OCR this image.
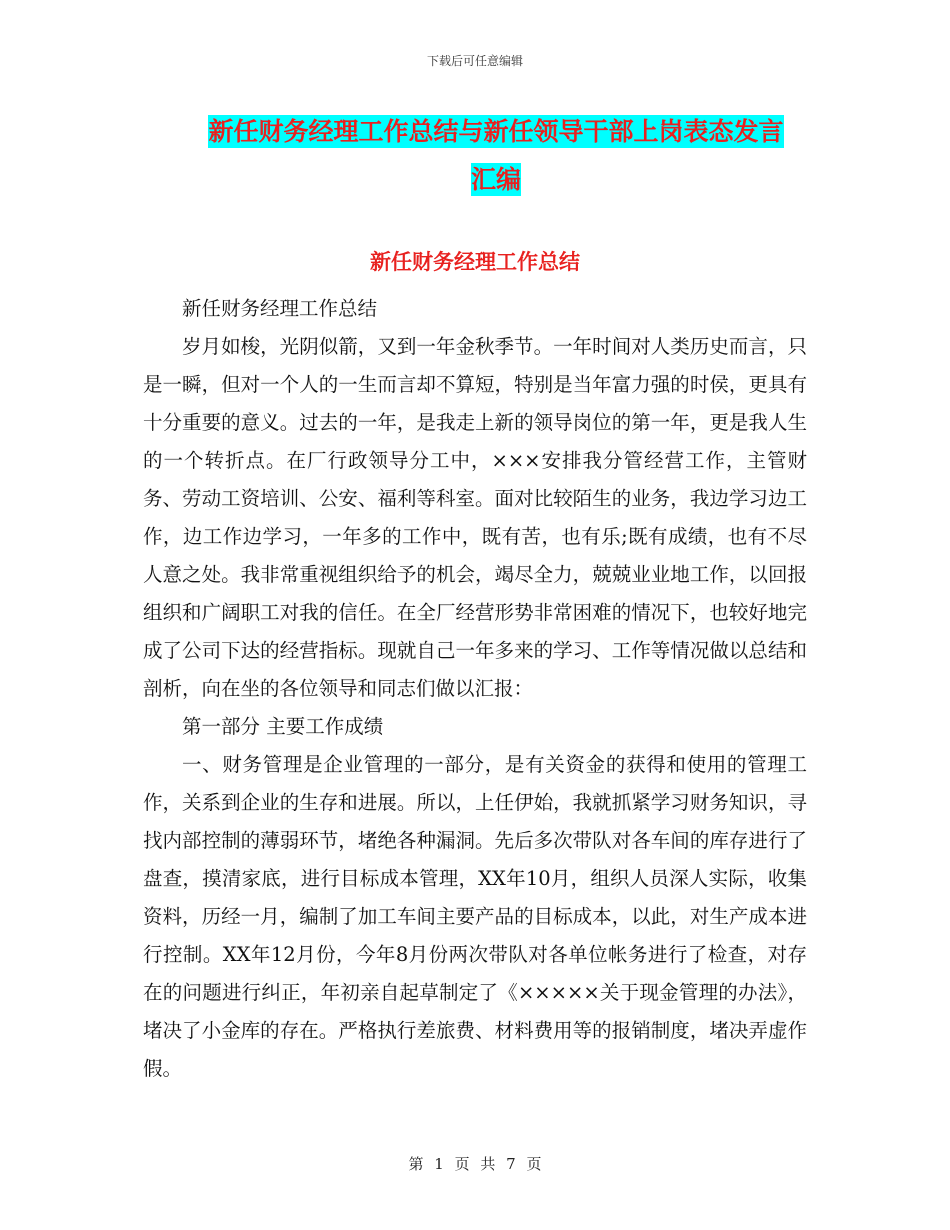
下载后可任意编辑
新任财务经理工作总结与新任领导干部上岗表态发言
汇编
新任财务经理工作总结

新任财务经理工作总结

岁月如梭，光阴似箭，又到一年金秋季节。一年时间对人类历史而言，只是一瞬，但对一个人的一生而言却不算短，特别是当年富力强的时侯，更具有十分重要的意义。过去的一年，是我走上新的领导岗位的第一年，更是我人生的一个转折点。在厂行政领导分工中，×××安排我分管经营工作，主管财务、劳动工资培训、公安、福利等科室。面对比较陌生的业务，我边学习边工作，边工作边学习，一年多的工作中，既有苦，也有乐;既有成绩，也有不尽人意之处。我非常重视组织给予的机会，竭尽全力，兢兢业业地工作，以回报组织和广阔职工对我的信任。在全厂经营形势非常困难的情况下，也较好地完成了公司下达的经营指标。现就自己一年多来的学习、工作等情况做以总结和剖析，向在坐的各位领导和同志们做以汇报：

第一部分 主要工作成绩

一、财务管理是企业管理的一部分，是有关资金的获得和使用的管理工作，关系到企业的生存和进展。所以，上任伊始，我就抓紧学习财务知识，寻找内部控制的薄弱环节，堵绝各种漏洞。先后多次带队对各车间的库存进行了盘查，摸清家底，进行目标成本管理，XX年10月，组织人员深人实际，收集资料，历经一月，编制了加工车间主要产品的目标成本，以此，对生产成本进行控制。XX年12月份，今年8月份两次带队对各单位帐务进行了检查，对存在的问题进行纠正，年初亲自起草制定了《×××××关于现金管理的办法》，堵决了小金库的存在。严格执行差旅费、材料费用等的报销制度，堵决弄虚作假。

第 1 页 共 7 页
